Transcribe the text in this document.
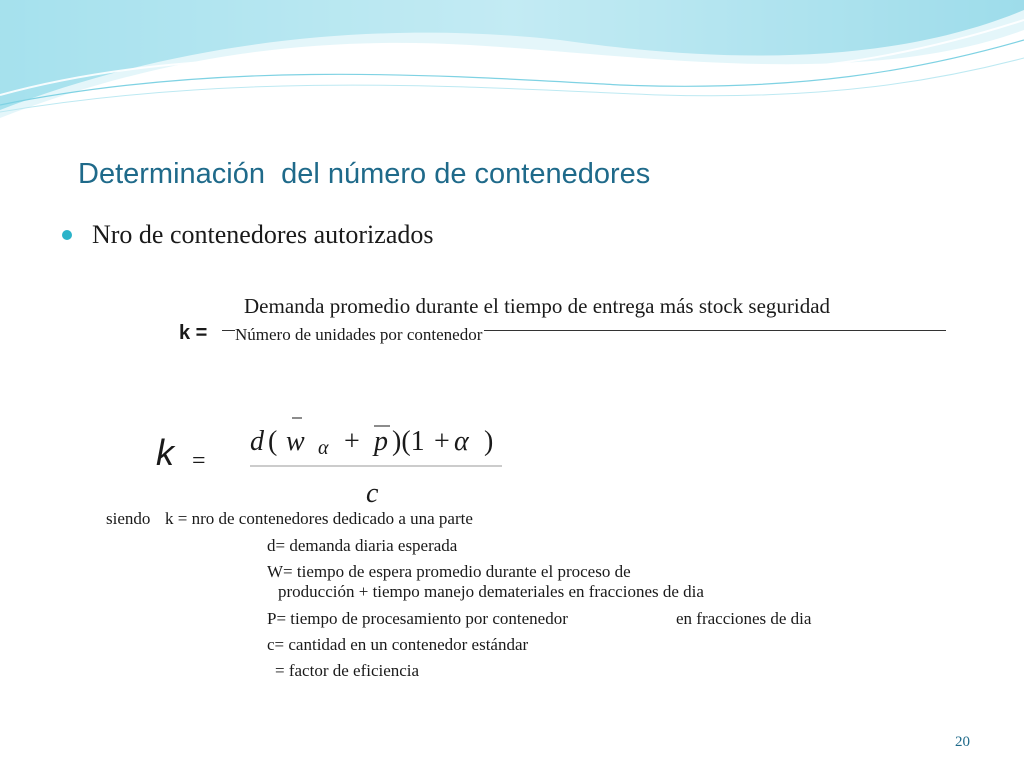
Determinación  del número de contenedores
Nro de contenedores autorizados
Demanda promedio durante el tiempo de entrega más stock seguridad
k = Número de unidades por contenedor
k =
d ( w α + p )(1 + α )
c
siendo k = nro de contenedores dedicado a una parte
d= demanda diaria esperada
W= tiempo de espera promedio durante el proceso de
producción + tiempo manejo demateriales en fracciones de dia
P= tiempo de procesamiento por contenedor	en fracciones de dia
c= cantidad en un contenedor estándar
= factor de eficiencia
20
